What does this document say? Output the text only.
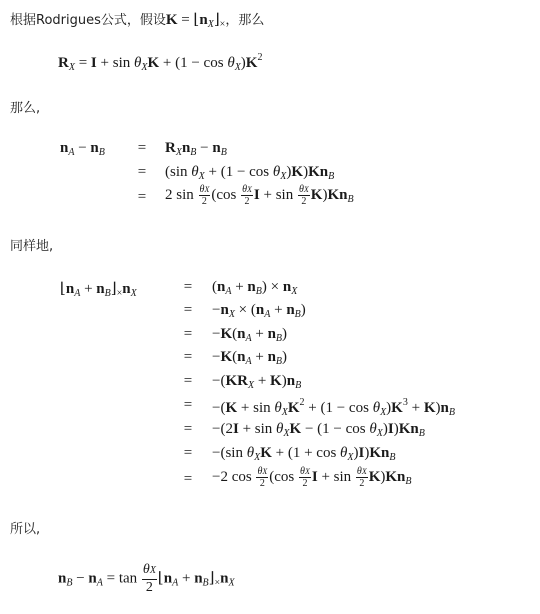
根据Rodrigues公式，假设$K = ⌊n_X⌋_\times$，那么
$R_X = I + \sin \theta_XK + (1 - \cos \theta_X)K^2$
那么,
$n_A - n_B$	=	$R_Xn_B - n_B$
=	(sin $\theta_X + (1 - \cos \theta_X)K)Kn_B$
=	2 $\sin \frac{\theta X}{2} (\cos \frac{\theta X}{2}$ $I + \sin \frac{\theta X}{2} K)Kn_B$
同样地,
$⌊n_A$ + $n_B⌋_\times n_X$	=	$(n_A + n_B) \times n_X$
=	$-n_X \times (n_A + n_B)$
=	$-K(n_A + n_B)$
=	$-K(n_A + n_B)$
=	$-(KR_X + K)n_B$
=	$-(K + \sin \theta_XK^2 + (1 - \cos \theta_X)K^3 + K)n_B$
=	$-(2I + \sin \theta_XK - (1 - \cos \theta_X)I)Kn_B$
=	−(sin $\theta_XK + (1 + \cos \theta_X)I)Kn_B$
=	−2 $\cos \frac{\theta X}{2} (\cos \frac{\theta X}{2}$ $I + \sin \frac{\theta X}{2} K)Kn_B$
所以,
$n_B - n_A = \tan \frac{\theta X}{2}$ $⌊n_A$ + $n_B⌋_\times n_X$
